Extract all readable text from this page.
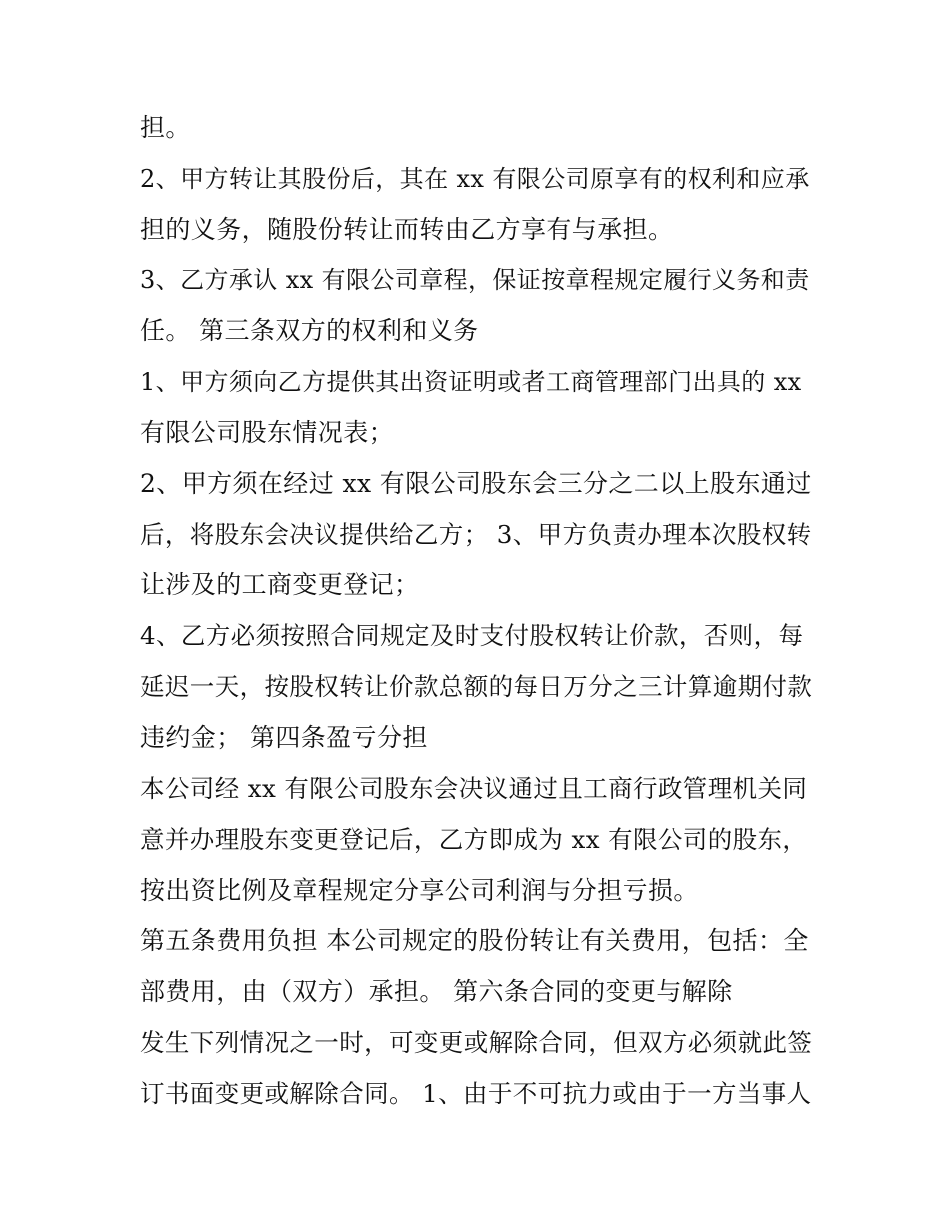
担。
2、甲方转让其股份后，其在 xx 有限公司原享有的权利和应承
担的义务，随股份转让而转由乙方享有与承担。
3、乙方承认 xx 有限公司章程，保证按章程规定履行义务和责
任。 第三条双方的权利和义务
1、甲方须向乙方提供其出资证明或者工商管理部门出具的 xx
有限公司股东情况表；
2、甲方须在经过 xx 有限公司股东会三分之二以上股东通过
后，将股东会决议提供给乙方； 3、甲方负责办理本次股权转
让涉及的工商变更登记；
4、乙方必须按照合同规定及时支付股权转让价款，否则，每
延迟一天，按股权转让价款总额的每日万分之三计算逾期付款
违约金； 第四条盈亏分担
本公司经 xx 有限公司股东会决议通过且工商行政管理机关同
意并办理股东变更登记后，乙方即成为 xx 有限公司的股东，
按出资比例及章程规定分享公司利润与分担亏损。
第五条费用负担 本公司规定的股份转让有关费用，包括：全
部费用，由（双方）承担。 第六条合同的变更与解除
发生下列情况之一时，可变更或解除合同，但双方必须就此签
订书面变更或解除合同。 1、由于不可抗力或由于一方当事人
